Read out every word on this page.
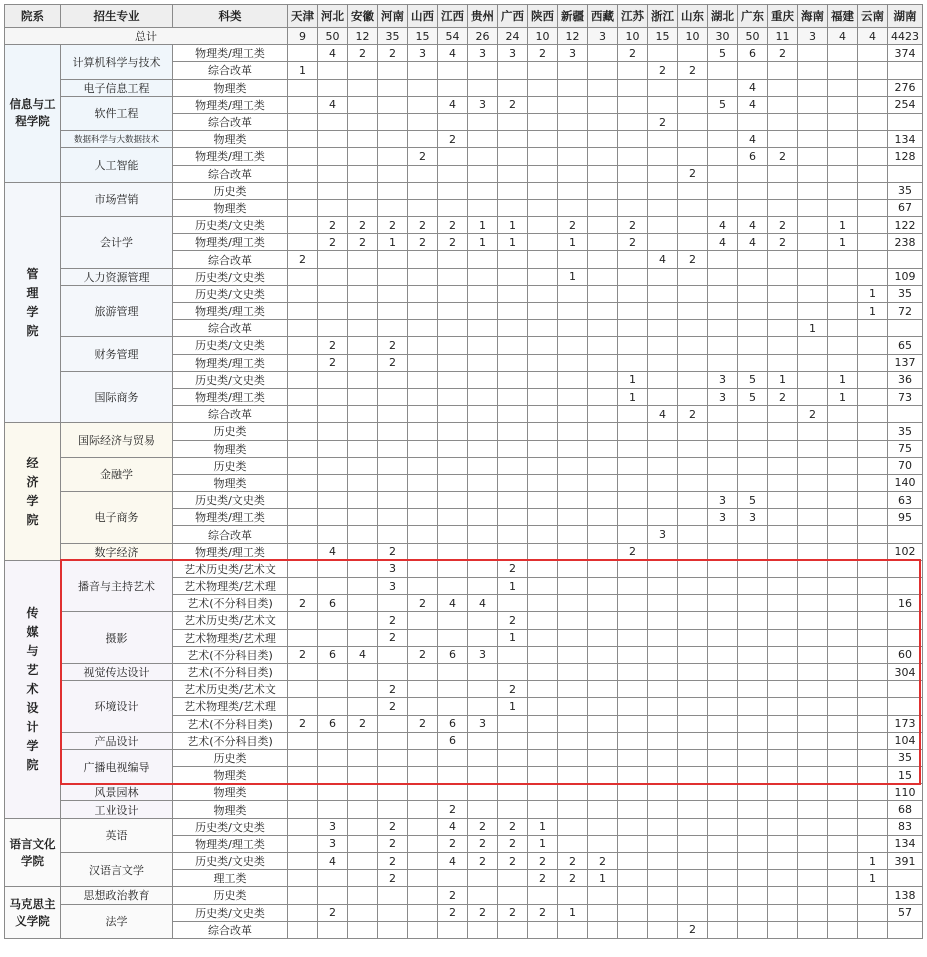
院系	招生专业	科类	天津	河北	安徽	河南	山西	江西	贵州	广西	陕西	新疆	西藏	江苏	浙江	山东	湖北	广东	重庆	海南	福建	云南	湖南
总计			9	50	12	35	15	54	26	24	10	12	3	10	15	10	30	50	11	3	4	4	4423
信息与工程学院	计算机科学与技术	物理类/理工类		4	2	2	3	4	3	3	2	3		2			5	6	2				374
		综合改革	1												2	2							
	电子信息工程	物理类																4					276
	软件工程	物理类/理工类		4				4	3	2							5	4					254
		综合改革													2								
	数据科学与大数据技术	物理类						2										4					134
	人工智能	物理类/理工类					2											6	2				128
		综合改革														2							
管理学院	市场营销	历史类																					35
		物理类																					67
	会计学	历史类/文史类		2	2	2	2	2	1	1		2		2			4	4	2		1		122
		物理类/理工类		2	2	1	2	2	1	1		1		2			4	4	2		1		238
		综合改革	2												4	2							
	人力资源管理	历史类/文史类										1											109
	旅游管理	历史类/文史类																				1	35
		物理类/理工类																				1	72
		综合改革																		1			
	财务管理	历史类/文史类		2		2																	65
		物理类/理工类		2		2																	137
	国际商务	历史类/文史类												1			3	5	1		1		36
		物理类/理工类												1			3	5	2		1		73
		综合改革													4	2				2			
经济学院	国际经济与贸易	历史类																					35
		物理类																					75
	金融学	历史类																					70
		物理类																					140
	电子商务	历史类/文史类															3	5					63
		物理类/理工类															3	3					95
		综合改革													3								
	数字经济	物理类/理工类		4		2								2									102
传媒与艺术设计学院	播音与主持艺术	艺术历史类/艺术文				3				2													
		艺术物理类/艺术理				3				1													
		艺术(不分科目类)	2	6			2	4	4														16
	摄影	艺术历史类/艺术文				2				2													
		艺术物理类/艺术理				2				1													
		艺术(不分科目类)	2	6	4		2	6	3														60
	视觉传达设计	艺术(不分科目类)																					304
	环境设计	艺术历史类/艺术文				2				2													
		艺术物理类/艺术理				2				1													
		艺术(不分科目类)	2	6	2		2	6	3														173
	产品设计	艺术(不分科目类)						6															104
	广播电视编导	历史类																					35
		物理类																					15
	风景园林	物理类																					110
	工业设计	物理类						2															68
语言文化学院	英语	历史类/文史类		3		2		4	2	2	1												83
		物理类/理工类		3		2		2	2	2	1												134
	汉语言文学	历史类/文史类		4		2		4	2	2	2	2	2									1	391
		理工类				2					2	2	1									1	
马克思主义学院	思想政治教育	历史类						2															138
	法学	历史类/文史类		2				2	2	2	2	1											57
		综合改革														2							
